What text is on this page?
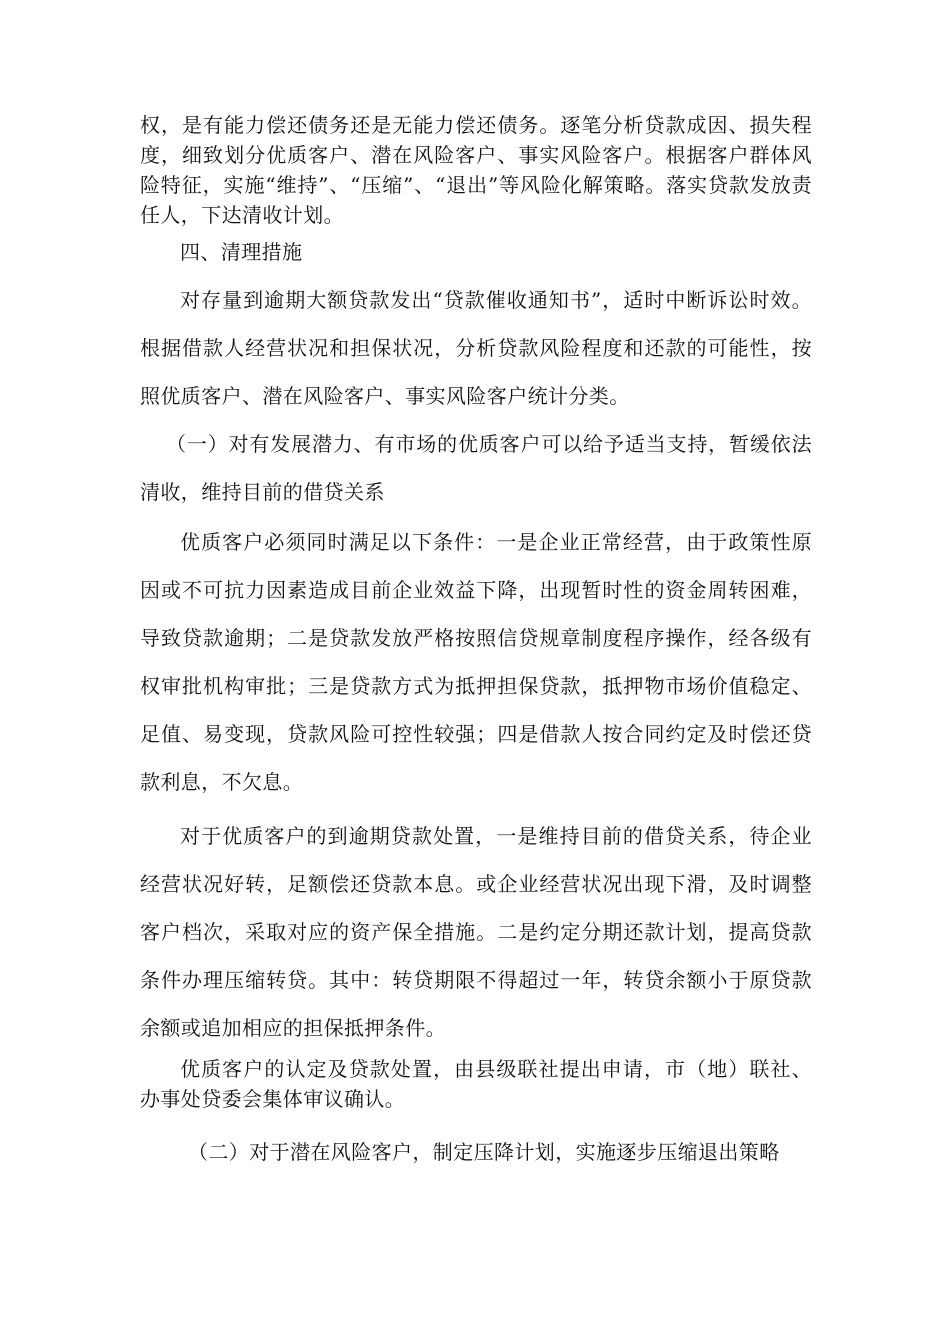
权，是有能力偿还债务还是无能力偿还债务。逐笔分析贷款成因、损失程度，细致划分优质客户、潜在风险客户、事实风险客户。根据客户群体风险特征，实施“维持”、“压缩”、“退出”等风险化解策略。落实贷款发放责任人，下达清收计划。

四、清理措施

对存量到逾期大额贷款发出“贷款催收通知书”，适时中断诉讼时效。根据借款人经营状况和担保状况，分析贷款风险程度和还款的可能性，按照优质客户、潜在风险客户、事实风险客户统计分类。

（一）对有发展潜力、有市场的优质客户可以给予适当支持，暂缓依法清收，维持目前的借贷关系

优质客户必须同时满足以下条件：一是企业正常经营，由于政策性原因或不可抗力因素造成目前企业效益下降，出现暂时性的资金周转困难，导致贷款逾期；二是贷款发放严格按照信贷规章制度程序操作，经各级有权审批机构审批；三是贷款方式为抵押担保贷款，抵押物市场价值稳定、足值、易变现，贷款风险可控性较强；四是借款人按合同约定及时偿还贷款利息，不欠息。

对于优质客户的到逾期贷款处置，一是维持目前的借贷关系，待企业经营状况好转，足额偿还贷款本息。或企业经营状况出现下滑，及时调整客户档次，采取对应的资产保全措施。二是约定分期还款计划，提高贷款条件办理压缩转贷。其中：转贷期限不得超过一年，转贷余额小于原贷款余额或追加相应的担保抵押条件。

优质客户的认定及贷款处置，由县级联社提出申请，市（地）联社、办事处贷委会集体审议确认。

（二）对于潜在风险客户，制定压降计划，实施逐步压缩退出策略
